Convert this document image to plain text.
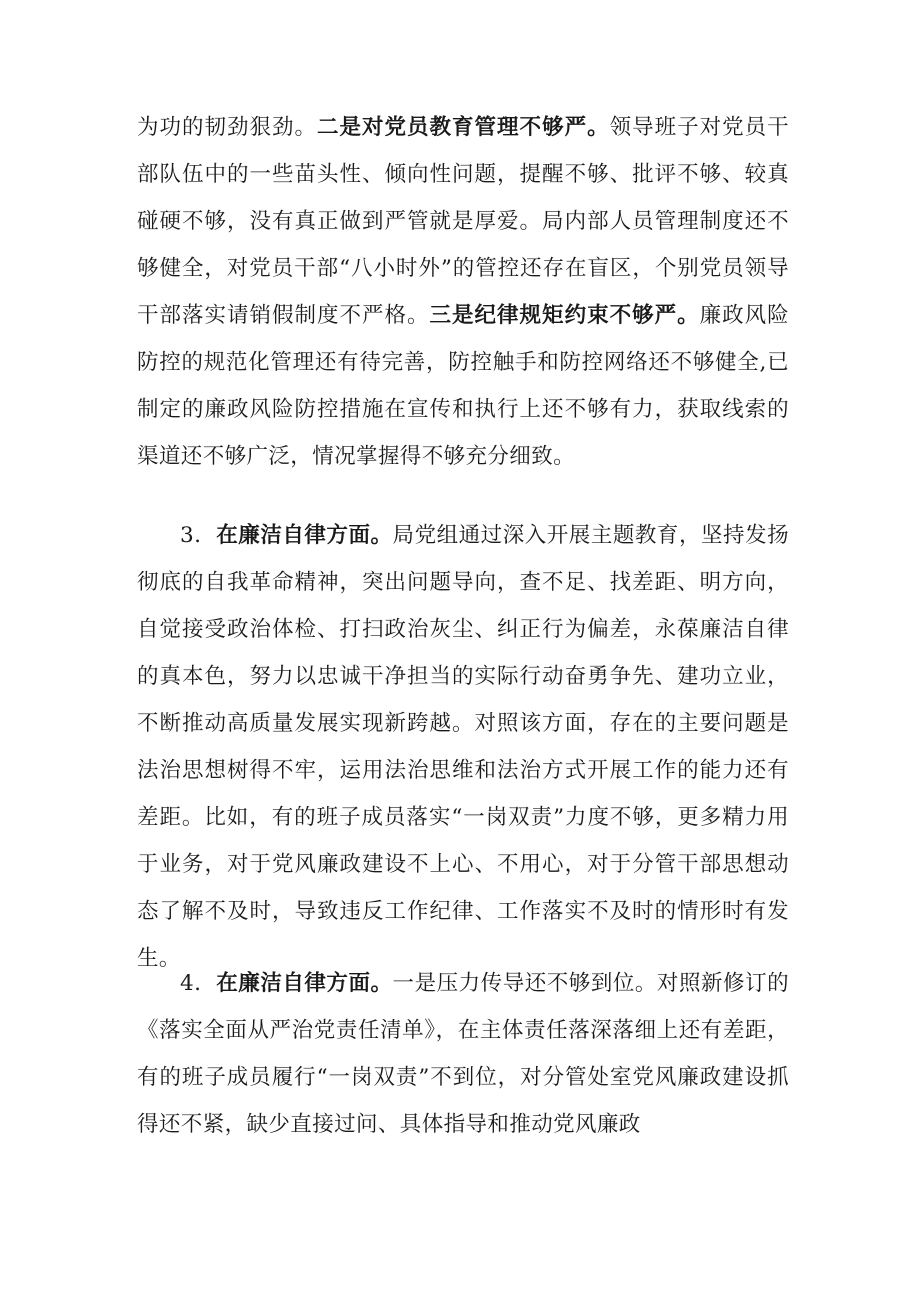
为功的韧劲狠劲。二是对党员教育管理不够严。领导班子对党员干部队伍中的一些苗头性、倾向性问题，提醒不够、批评不够、较真碰硬不够，没有真正做到严管就是厚爱。局内部人员管理制度还不够健全，对党员干部“八小时外”的管控还存在盲区，个别党员领导干部落实请销假制度不严格。三是纪律规矩约束不够严。廉政风险防控的规范化管理还有待完善，防控触手和防控网络还不够健全,已制定的廉政风险防控措施在宣传和执行上还不够有力，获取线索的渠道还不够广泛，情况掌握得不够充分细致。

3．在廉洁自律方面。局党组通过深入开展主题教育，坚持发扬彻底的自我革命精神，突出问题导向，查不足、找差距、明方向，自觉接受政治体检、打扫政治灰尘、纠正行为偏差，永葆廉洁自律的真本色，努力以忠诚干净担当的实际行动奋勇争先、建功立业，不断推动高质量发展实现新跨越。对照该方面，存在的主要问题是法治思想树得不牢，运用法治思维和法治方式开展工作的能力还有差距。比如，有的班子成员落实“一岗双责”力度不够，更多精力用于业务，对于党风廉政建设不上心、不用心，对于分管干部思想动态了解不及时，导致违反工作纪律、工作落实不及时的情形时有发生。

4．在廉洁自律方面。一是压力传导还不够到位。对照新修订的《落实全面从严治党责任清单》，在主体责任落深落细上还有差距，有的班子成员履行“一岗双责”不到位，对分管处室党风廉政建设抓得还不紧，缺少直接过问、具体指导和推动党风廉政
